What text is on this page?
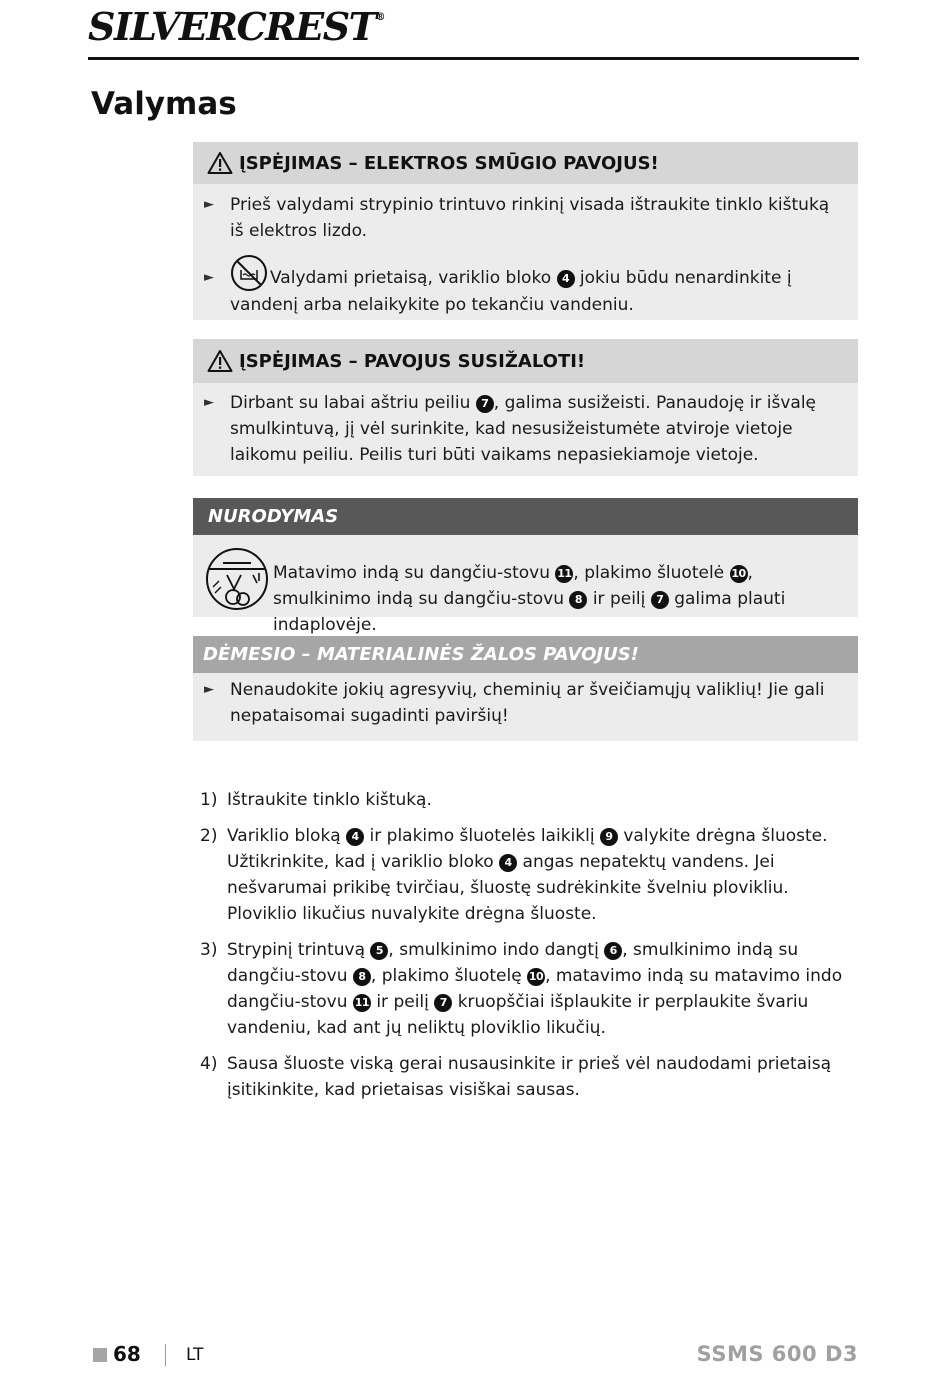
SILVERCREST®
Valymas
ĮSPĖJIMAS – ELEKTROS SMŪGIO PAVOJUS!
► Prieš valydami strypinio trintuvo rinkinį visada ištraukite tinklo kištuką iš elektros lizdo.
►	Valydami prietaisą, variklio bloko 4 jokiu būdu nenardinkite į vandenį arba nelaikykite po tekančiu vandeniu.
ĮSPĖJIMAS – PAVOJUS SUSIŽALOTI!
► Dirbant su labai aštriu peiliu 7 , galima susižeisti. Panaudoję ir išvalę smulkintuvą, jį vėl surinkite, kad nesusižeistumėte atviroje vietoje laikomu peiliu. Peilis turi būti vaikams nepasiekiamoje vietoje.
NURODYMAS
Matavimo indą su dangčiu-stovu 11 , plakimo šluotelė 10 , smulkinimo indą su dangčiu-stovu 8 ir peilį 7 galima plauti indaplovėje.
DĖMESIO – MATERIALINĖS ŽALOS PAVOJUS!
► Nenaudokite jokių agresyvių, cheminių ar šveičiamųjų valiklių! Jie gali nepataisomai sugadinti paviršių!
1) Ištraukite tinklo kištuką.
2) Variklio bloką 4 ir plakimo šluotelės laikiklį 9 valykite drėgna šluoste. Užtikrinkite, kad į variklio bloko 4 angas nepatektų vandens. Jei nešvarumai prikibę tvirčiau, šluostę sudrėkinkite švelniu plovikliu. Ploviklio likučius nuvalykite drėgna šluoste.
3) Strypinį trintuvą 5 , smulkinimo indo dangtį 6 , smulkinimo indą su dangčiu-stovu 8 , plakimo šluotelę 10 , matavimo indą su matavimo indo dangčiu-stovu 11 ir peilį 7 kruopščiai išplaukite ir perplaukite švariu vandeniu, kad ant jų neliktų ploviklio likučių.
4) Sausa šluoste viską gerai nusausinkite ir prieš vėl naudodami prietaisą įsitikinkite, kad prietaisas visiškai sausas.
68	LT	SSMS 600 D3
